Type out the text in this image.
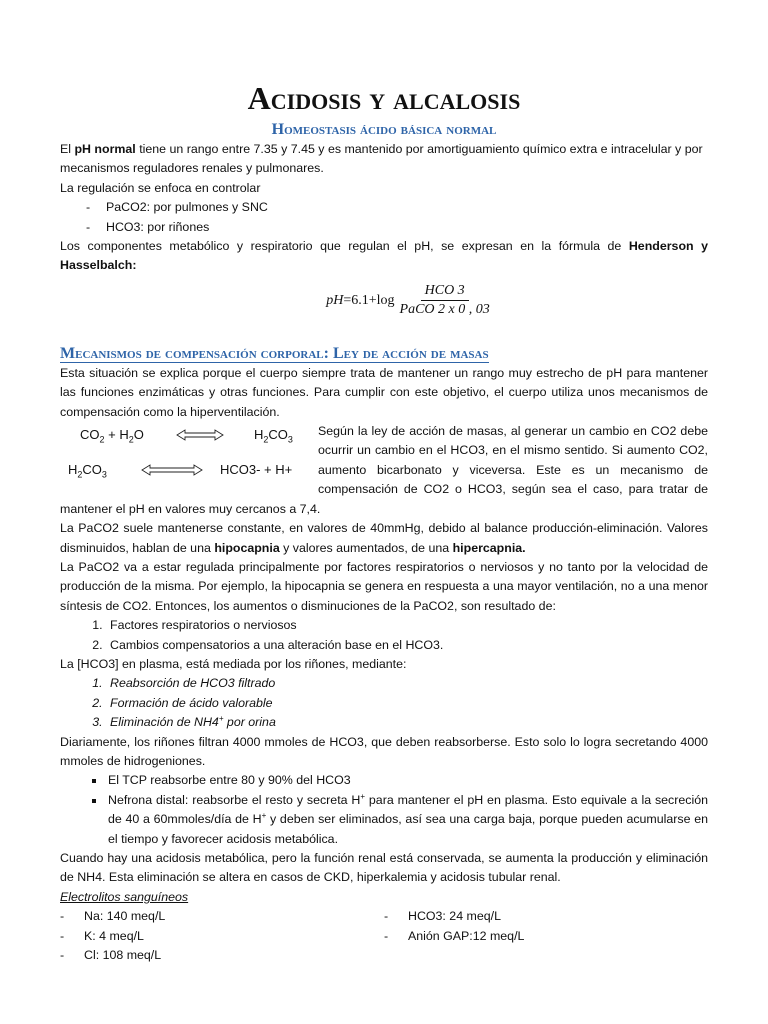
Acidosis y alcalosis
Homeostasis ácido básica normal

El pH normal tiene un rango entre 7.35 y 7.45 y es mantenido por amortiguamiento químico extra e intracelular y por mecanismos reguladores renales y pulmonares.

La regulación se enfoca en controlar

- PaCO2: por pulmones y SNC
- HCO3: por riñones

Los componentes metabólico y respiratorio que regulan el pH, se expresan en la fórmula de Henderson y Hasselbalch:

pH $=6.1+\log \frac{\text{HCO 3}}{\text{PaCO 2 x 0 , 03}}$
Mecanismos de compensación corporal: Ley de acción de masas

Esta situación se explica porque el cuerpo siempre trata de mantener un rango muy estrecho de pH para mantener las funciones enzimáticas y otras funciones. Para cumplir con este objetivo, el cuerpo utiliza unos mecanismos de compensación como la hiperventilación.

$CO_2 + H_2O$	$H_2CO_3$
$H_2CO_3$	HCO3- + H+

Según la ley de acción de masas, al generar un cambio en CO2 debe ocurrir un cambio en el HCO3, en el mismo sentido. Si aumento CO2, aumento bicarbonato y viceversa. Este es un mecanismo de compensación de CO2 o HCO3, según sea el caso, para tratar de mantener el pH en valores muy cercanos a 7,4.

La PaCO2 suele mantenerse constante, en valores de 40mmHg, debido al balance producción-eliminación. Valores disminuidos, hablan de una hipocapnia y valores aumentados, de una hipercapnia.

La PaCO2 va a estar regulada principalmente por factores respiratorios o nerviosos y no tanto por la velocidad de producción de la misma. Por ejemplo, la hipocapnia se genera en respuesta a una mayor ventilación, no a una menor síntesis de CO2. Entonces, los aumentos o disminuciones de la PaCO2, son resultado de:

1. Factores respiratorios o nerviosos
2. Cambios compensatorios a una alteración base en el HCO3.

La [HCO3] en plasma, está mediada por los riñones, mediante:

1. Reabsorción de HCO3 filtrado
2. Formación de ácido valorable
3. Eliminación de NH4+ por orina

Diariamente, los riñones filtran 4000 mmoles de HCO3, que deben reabsorberse. Esto solo lo logra secretando 4000 mmoles de hidrogeniones.

▪ El TCP reabsorbe entre 80 y 90% del HCO3
▪ Nefrona distal: reabsorbe el resto y secreta H+ para mantener el pH en plasma. Esto equivale a la secreción de 40 a 60mmoles/día de H+ y deben ser eliminados, así sea una carga baja, porque pueden acumularse en el tiempo y favorecer acidosis metabólica.

Cuando hay una acidosis metabólica, pero la función renal está conservada, se aumenta la producción y eliminación de NH4. Esta eliminación se altera en casos de CKD, hiperkalemia y acidosis tubular renal.

Electrolitos sanguíneos

- Na: 140 meq/L
- K: 4 meq/L
- Cl: 108 meq/L
- HCO3: 24 meq/L
- Anión GAP:12 meq/L
